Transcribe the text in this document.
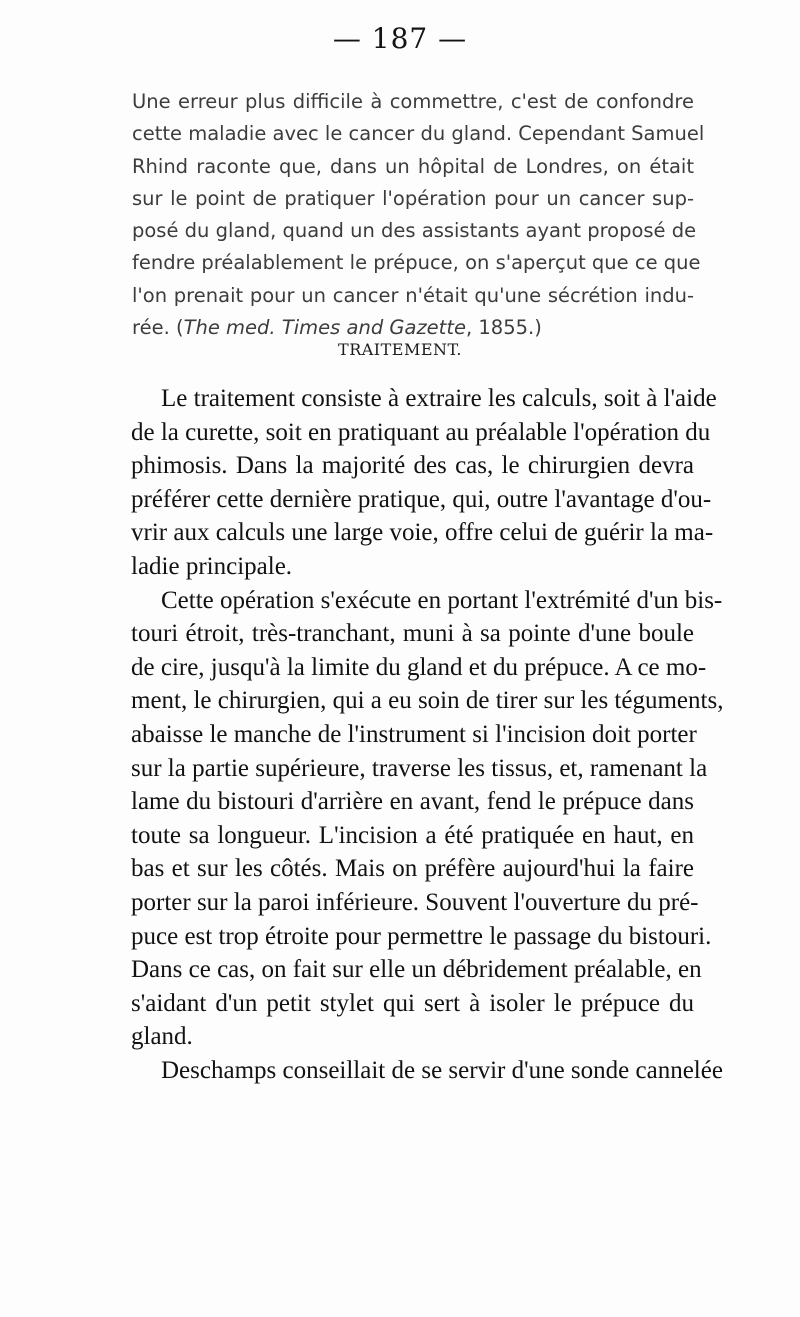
— 187 —
Une erreur plus difficile à commettre, c'est de confondre
cette maladie avec le cancer du gland. Cependant Samuel
Rhind raconte que, dans un hôpital de Londres, on était
sur le point de pratiquer l'opération pour un cancer sup-
posé du gland, quand un des assistants ayant proposé de
fendre préalablement le prépuce, on s'aperçut que ce que
l'on prenait pour un cancer n'était qu'une sécrétion indu-
rée. (The med. Times and Gazette, 1855.)
TRAITEMENT.
Le traitement consiste à extraire les calculs, soit à l'aide
de la curette, soit en pratiquant au préalable l'opération du
phimosis. Dans la majorité des cas, le chirurgien devra
préférer cette dernière pratique, qui, outre l'avantage d'ou-
vrir aux calculs une large voie, offre celui de guérir la ma-
ladie principale.
Cette opération s'exécute en portant l'extrémité d'un bis-
touri étroit, très-tranchant, muni à sa pointe d'une boule
de cire, jusqu'à la limite du gland et du prépuce. A ce mo-
ment, le chirurgien, qui a eu soin de tirer sur les téguments,
abaisse le manche de l'instrument si l'incision doit porter
sur la partie supérieure, traverse les tissus, et, ramenant la
lame du bistouri d'arrière en avant, fend le prépuce dans
toute sa longueur. L'incision a été pratiquée en haut, en
bas et sur les côtés. Mais on préfère aujourd'hui la faire
porter sur la paroi inférieure. Souvent l'ouverture du pré-
puce est trop étroite pour permettre le passage du bistouri.
Dans ce cas, on fait sur elle un débridement préalable, en
s'aidant d'un petit stylet qui sert à isoler le prépuce du
gland.
Deschamps conseillait de se servir d'une sonde cannelée
